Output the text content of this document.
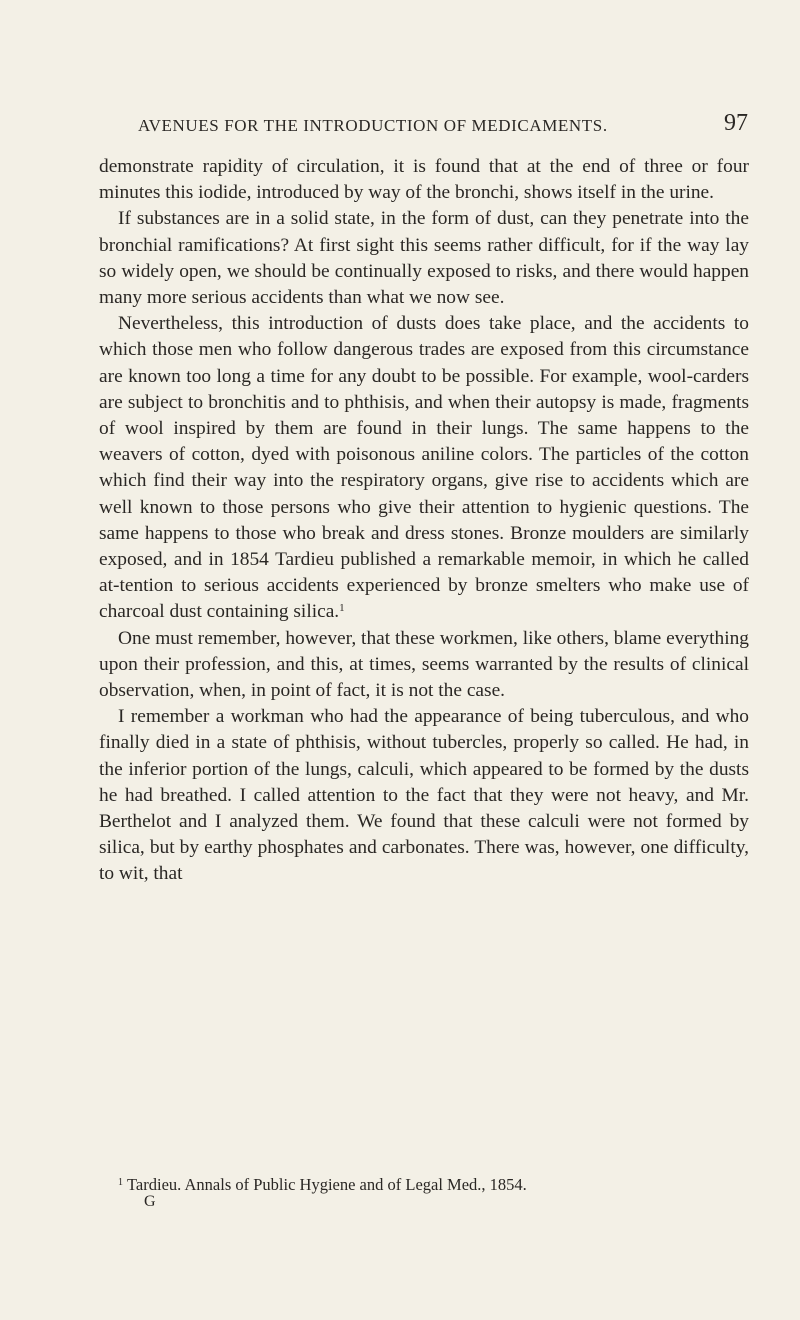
AVENUES FOR THE INTRODUCTION OF MEDICAMENTS.	97

demonstrate rapidity of circulation, it is found that at the end of three or four minutes this iodide, introduced by way of the bronchi, shows itself in the urine.

If substances are in a solid state, in the form of dust, can they penetrate into the bronchial ramifications? At first sight this seems rather difficult, for if the way lay so widely open, we should be continually exposed to risks, and there would happen many more serious accidents than what we now see.

Nevertheless, this introduction of dusts does take place, and the accidents to which those men who follow dangerous trades are exposed from this circumstance are known too long a time for any doubt to be possible. For example, wool-carders are subject to bronchitis and to phthisis, and when their autopsy is made, fragments of wool inspired by them are found in their lungs. The same happens to the weavers of cotton, dyed with poisonous aniline colors. The particles of the cotton which find their way into the respiratory organs, give rise to accidents which are well known to those persons who give their attention to hygienic questions. The same happens to those who break and dress stones. Bronze moulders are similarly exposed, and in 1854 Tardieu published a remarkable memoir, in which he called at-tention to serious accidents experienced by bronze smelters who make use of charcoal dust containing silica.$^1$

One must remember, however, that these workmen, like others, blame everything upon their profession, and this, at times, seems warranted by the results of clinical observation, when, in point of fact, it is not the case.

I remember a workman who had the appearance of being tuberculous, and who finally died in a state of phthisis, without tubercles, properly so called. He had, in the inferior portion of the lungs, calculi, which appeared to be formed by the dusts he had breathed. I called attention to the fact that they were not heavy, and Mr. Berthelot and I analyzed them. We found that these calculi were not formed by silica, but by earthy phosphates and carbonates. There was, however, one difficulty, to wit, that

$^1$ Tardieu. Annals of Public Hygiene and of Legal Med., 1854.
G
